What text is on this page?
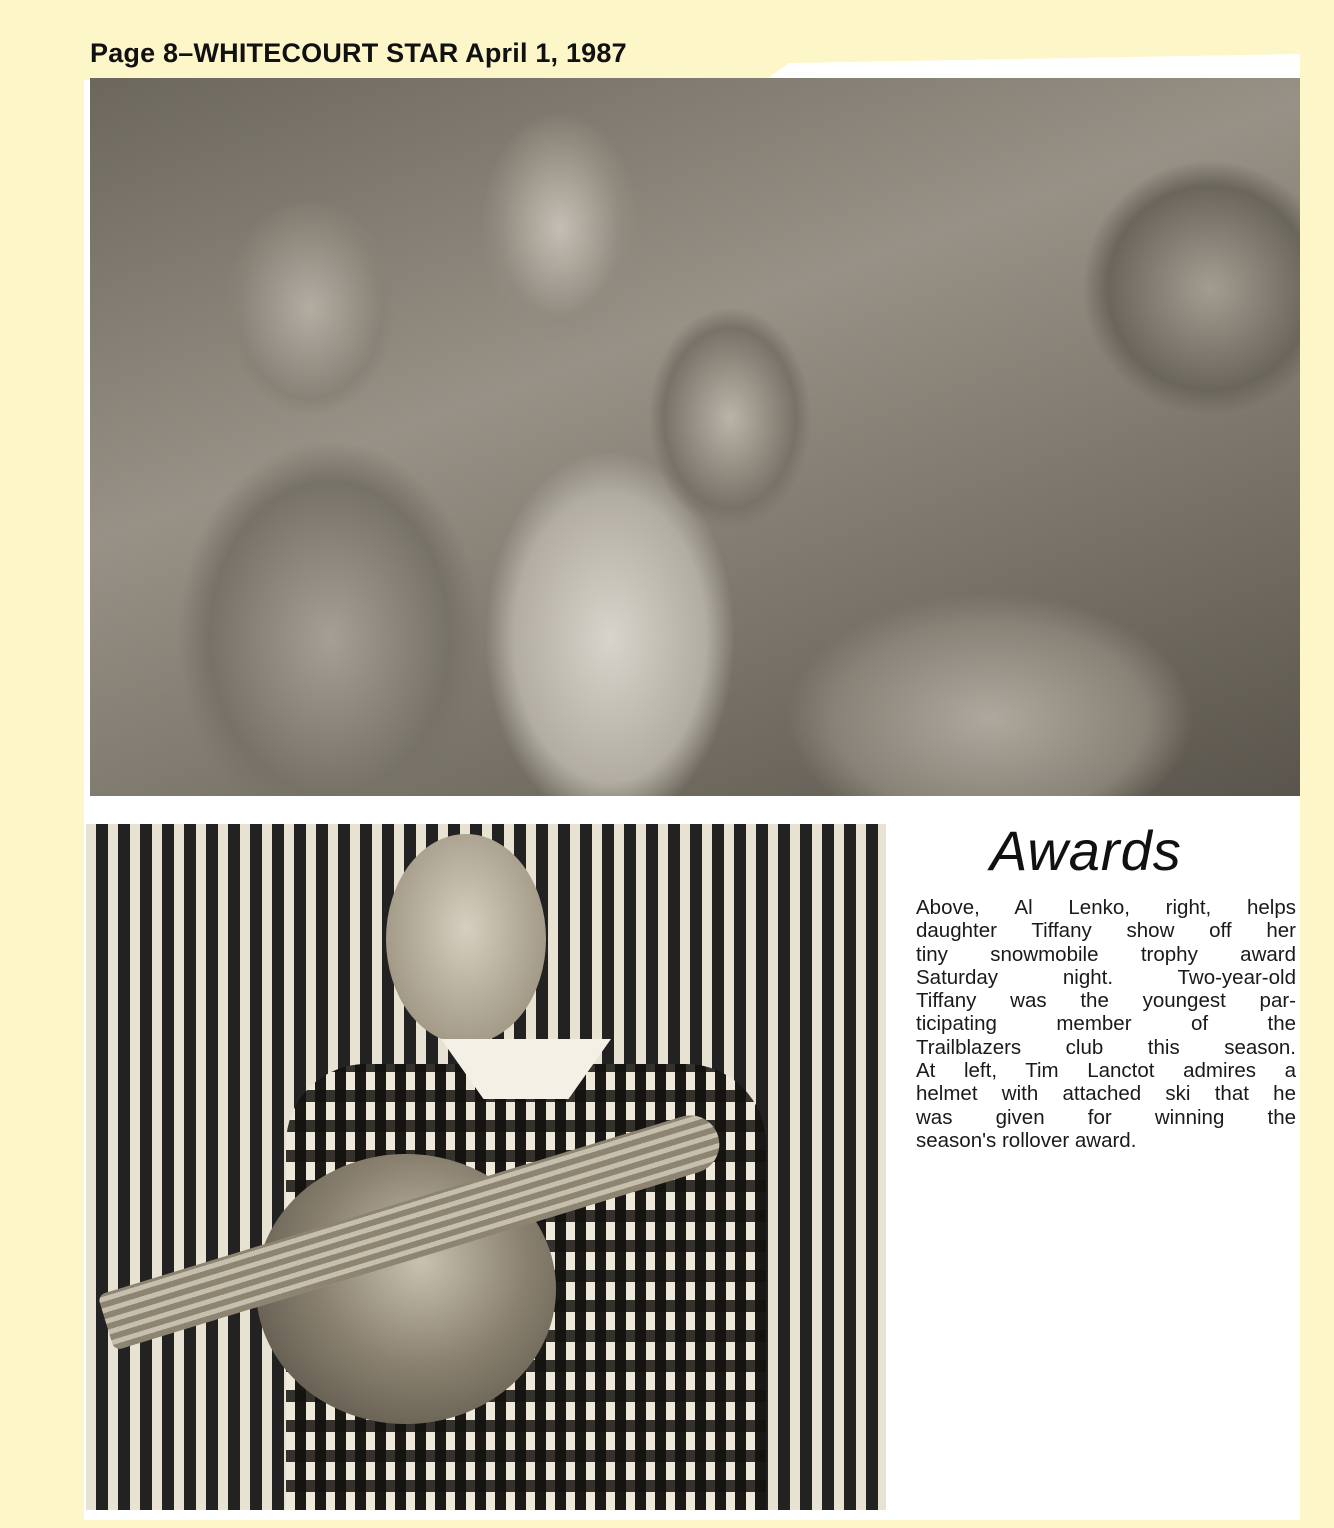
Page 8–WHITECOURT STAR April 1, 1987
Awards
Above, Al Lenko, right, helps
daughter Tiffany show off her
tiny snowmobile trophy award
Saturday night. Two-year-old
Tiffany was the youngest par-
ticipating member of the
Trailblazers club this season.
At left, Tim Lanctot admires a
helmet with attached ski that he
was given for winning the
season's rollover award.
